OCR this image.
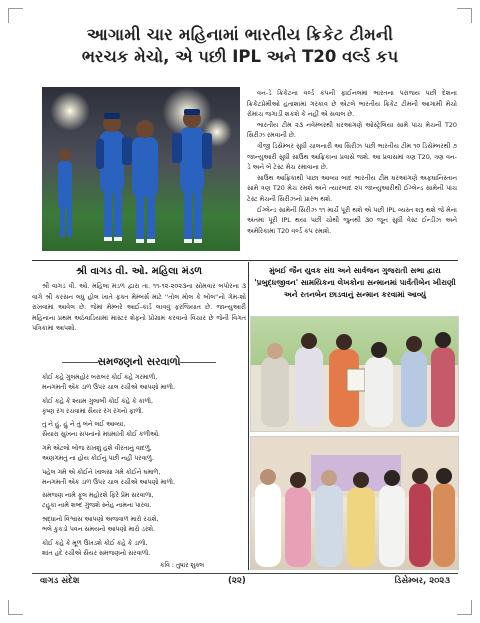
આગામી ચાર મહિનામાં ભારતીય ક્રિકેટ ટીમની
ભરચક મેચો, એ પછી IPL અને T20 વર્લ્ડ કપ

વન-ડે ક્રિકેટના વર્લ્ડ કપની ફાઈનલમાં ભારતના પરાજય પછી દેશના ક્રિકેટપ્રેમીઓ હતાશામાં ગરકાવ છે એટલે ભારતીય ક્રિકેટ ટીમની આગામી મેચો રોમાંચ જગાડી શકશે કે નહીં એ સવાલ છે.

ભારતીય ટીમ ૨૩ નવેમ્બરથી ઘરઆંગણે ઓસ્ટ્રેલિયા સામે પાંચ મેચની T20 સિરીઝ રમવાની છે.

ત્રીજી ડિસેમ્બર સુધી ચાલનારી આ સિરીઝ પછી ભારતીય ટીમ ૧૦ ડિસેમ્બરથી ૭ જાન્યુઆરી સુધી સાઉથ આફ્રિકાના પ્રવાસે જશે. આ પ્રવાસમાં ત્રણ T20, ત્રણ વન-ડે અને બે ટેસ્ટ મેચ રમાવાના છે.

સાઉથ આફ્રિકાથી પાછા આવ્યા બાદ ભારતીય ટીમ ઘરઆંગણે અફઘાનિસ્તાન સામે ત્રણ T20 મેચ રમશે અને ત્યારબાદ ૨૫ જાન્યુઆરીથી ઈંગ્લેન્ડ સામેની પાંચ ટેસ્ટ મેચની સિરીઝનો પ્રારંભ થશે.

ઈંગ્લેન્ડ સામેની સિરીઝ ૧૧ માર્ચે પૂરી થશે એ પછી IPL વ્યસ્ત શરૂ થશે જે મેના અંતમાં પૂરી IPL થયા પછી ચોથી જુનથી ૩૦ જૂન સુધી વેસ્ટ ઈન્ડીઝ અને અમેરિકામાં T20 વર્લ્ડ કપ રમાશે.

શ્રી વાગડ વી. ઓ. મહિલા મંડળ

શ્રી વાગડ વી. ઓ. મહિલા મંડળ દ્વારા તા. ૧૧-૧૨-૨૦૨૩ના સોમવાર બપોરના ૩ વાગે શ્રી કરસન લધુ હોલ ખાતે ફક્ત મેમ્બર્સ માટે ''તોલ મોલ કે બોલ''નો ગેમ-શો રાખવામાં આવેલ છે. જેમાં મેમ્બરે આઈ-કાર્ડ લાવવું ફરજિયાત છે. જાન્યુઆરી મહિનાના પ્રથમ અઠવાડિયામાં માસ્ટર શેફનો પ્રોગ્રામ કરવાનો વિચાર છે જેની વિગત પત્રિકામાં આપશો.

સમજણનો સરવાળો
કોઈ કહે ગુલમહોર બરાબર કોઈ કહે ગરમાળો,
મનગમતી એક ડાળ ઉપર ચાલ રચીએ આપણો માળો.
કોઈ કહે કે શ્યામ ગુલાબી કોઈ કહે કે કાળો,
કૃષ્ણ રંગ રચવામાં સૈયર રંગ રંગનો ફાળો.
તું ને હું, હું ને તું બંને લઈ આવ્યા,
સૈયારા સુખના સપનાંનો મધમાખી કોઈ કળીઓ.
ગમે એટલો બોજ રાખશું હશે વીરતાનું વાદળું,
અણગમતું ના હોય કોઈનું પછી નહીં પરવાળું.
પહેલ ગમે એ કોઈને ખાલસા ગમે કોઈને ઘમાળે,
મનગમતી એક ડાળ ઉપર ચાલ રચીએ આપણો માળો.
સમજણ નામે ફૂલ મહોરશે ફિરે પ્રેમ સરવાળા,
ટહૂકા નામે શબ્દ ગુંજશે સ્નેહ નામના પારવા.
શ્રદ્ધાનો વિશ્વાસ આપણો અજવાળ મારો રચશે,
ભલે કુકડો પવન સમયનો આપણો મારો ડરશે.
કોઈ કહે કે મૂળ ઉખડશે કોઈ કહે કે ડાળો,
શાંત હૃદે રચીએ સૈયર સમજણનો સરવાળો.
કવિ : તુષાર શુક્લ
મુંબઈ જૈન યુવક સંઘ અને સાર્વજન ગુજરાતી સભા દ્વારા
'પ્રબુદ્ધજીવન' સામયિકના લેખકોના સન્માનમાં પાર્વતીબેન ખીરાણી
અને રતનબેન છાડવાનું સન્માન કરવામાં આવ્યું
વાગડ સંદેશ	(૨૨)	ડિસેમ્બર, ૨૦૨૩
